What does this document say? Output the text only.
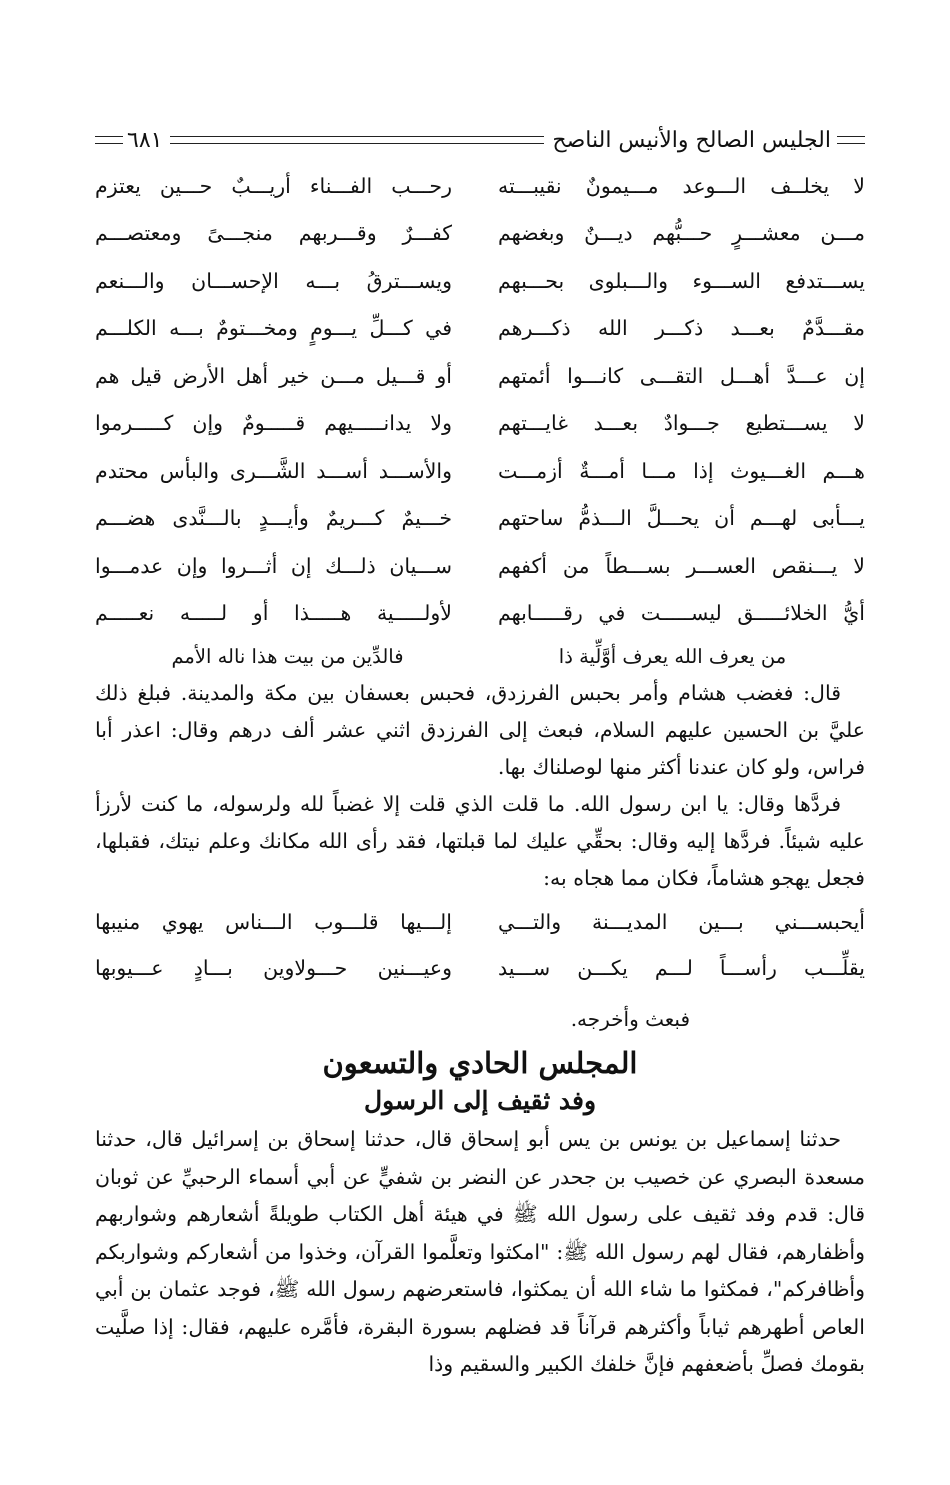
الجليس الصالح والأنيس الناصح
٦٨١
لا يخلــف الـــوعد مـــيمونٌ نقيبـــته
رحـــب الفـــناء أريـــبٌ حـــين يعتزم
مـــن معشـــرٍ حـــبُّهم ديـــنٌ وبغضهم
كفـــرٌ وقـــربهم منجـــىً ومعتصـــم
يســـتدفع الســـوء والـــبلوى بحـــبهم
ويســـترقُ بـــه الإحســـان والـــنعم
مقـــدَّمٌ بعـــد ذكـــر الله ذكـــرهم
في كـــلِّ يـــومٍ ومخـــتومٌ بـــه الكلـــم
إن عـــدَّ أهـــل التقـــى كانـــوا أئمتهم
أو قـــيل مـــن خير أهل الأرض قيل هم
لا يســـتطيع جـــوادٌ بعـــد غايـــتهم
ولا يدانـــــيهم قـــــومٌ وإن كـــــرموا
هـــم الغـــيوث إذا مـــا أمـــةٌ أزمـــت
والأســـد أســـد الشَّـــرى والبأس محتدم
يـــأبى لهـــم أن يحـــلَّ الـــذمُّ ساحتهم
خـــيمٌ كـــريمٌ وأيـــدٍ بالـــنَّدى هضـــم
لا يـــنقص العســـر بســـطاً من أكفهم
ســـيان ذلـــك إن أثـــروا وإن عدمـــوا
أيُّ الخلائـــــق ليســـــت في رقـــــابهم
لأولـــــية هـــــذا أو لـــــه نعـــــم
من يعرف الله يعرف أوَّلِّية ذا
فالدِّين من بيت هذا ناله الأمم

قال: فغضب هشام وأمر بحبس الفرزدق، فحبس بعسفان بين مكة والمدينة. فبلغ ذلك عليَّ بن الحسين عليهم السلام، فبعث إلى الفرزدق اثني عشر ألف درهم وقال: اعذر أبا فراس، ولو كان عندنا أكثر منها لوصلناك بها.

فردَّها وقال: يا ابن رسول الله. ما قلت الذي قلت إلا غضباً لله ولرسوله، ما كنت لأرزأ عليه شيئاً. فردَّها إليه وقال: بحقِّي عليك لما قبلتها، فقد رأى الله مكانك وعلم نيتك، فقبلها، فجعل يهجو هشاماً، فكان مما هجاه به:

أيحبســـني بـــين المديـــنة والتـــي
إلـــيها قلـــوب الـــناس يهوي منيبها
يقلِّـــب رأســـاً لـــم يكـــن ســـيد
وعيـــنين حـــولاوين بـــادٍ عـــيوبها
فبعث وأخرجه.
المجلس الحادي والتسعون
وفد ثقيف إلى الرسول

حدثنا إسماعيل بن يونس بن يس أبو إسحاق قال، حدثنا إسحاق بن إسرائيل قال، حدثنا مسعدة البصري عن خصيب بن جحدر عن النضر بن شفيٍّ عن أبي أسماء الرحبيِّ عن ثوبان قال: قدم وفد ثقيف على رسول الله ﷺ في هيئة أهل الكتاب طويلةً أشعارهم وشواربهم وأظفارهم، فقال لهم رسول الله ﷺ: "امكثوا وتعلَّموا القرآن، وخذوا من أشعاركم وشواربكم وأظافركم"، فمكثوا ما شاء الله أن يمكثوا، فاستعرضهم رسول الله ﷺ، فوجد عثمان بن أبي العاص أطهرهم ثياباً وأكثرهم قرآناً قد فضلهم بسورة البقرة، فأمَّره عليهم، فقال: إذا صلَّيت بقومك فصلِّ بأضعفهم فإنَّ خلفك الكبير والسقيم وذا
